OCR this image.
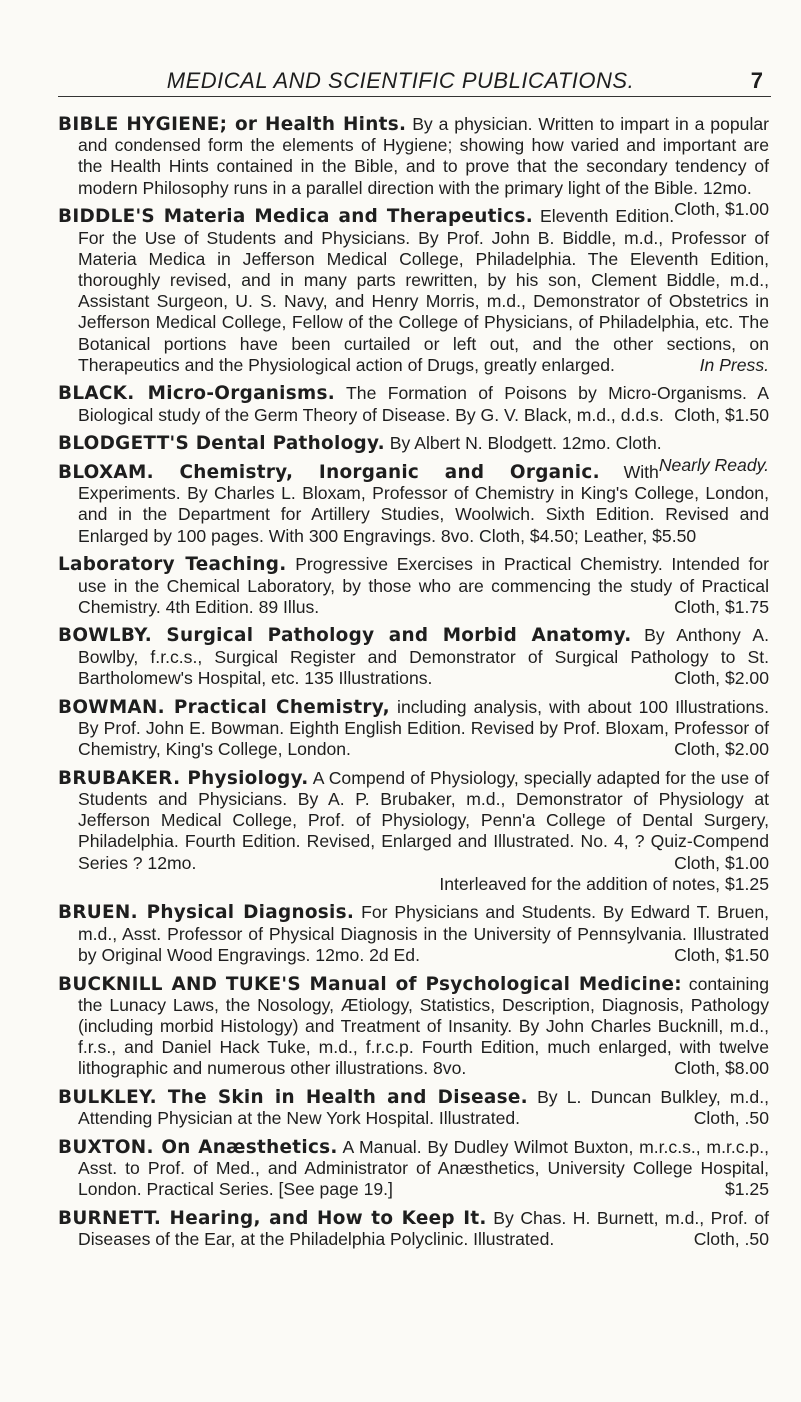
MEDICAL AND SCIENTIFIC PUBLICATIONS.	7

BIBLE HYGIENE; or Health Hints. By a physician. Written to impart in a popular and condensed form the elements of Hygiene; showing how varied and important are the Health Hints contained in the Bible, and to prove that the secondary tendency of modern Philosophy runs in a parallel direction with the primary light of the Bible. 12mo.
Cloth, $1.00

BIDDLE'S Materia Medica and Therapeutics. Eleventh Edition. For the Use of Students and Physicians. By Prof. John B. Biddle, m.d., Professor of Materia Medica in Jefferson Medical College, Philadelphia. The Eleventh Edition, thoroughly revised, and in many parts rewritten, by his son, Clement Biddle, m.d., Assistant Surgeon, U. S. Navy, and Henry Morris, m.d., Demonstrator of Obstetrics in Jefferson Medical College, Fellow of the College of Physicians, of Philadelphia, etc. The Botanical portions have been curtailed or left out, and the other sections, on Therapeutics and the Physiological action of Drugs, greatly enlarged.	In Press.

BLACK. Micro-Organisms. The Formation of Poisons by Micro-Organisms. A Biological study of the Germ Theory of Disease. By G. V. Black, m.d., d.d.s. Cloth, $1.50

BLODGETT'S Dental Pathology. By Albert N. Blodgett. 12mo. Cloth.
Nearly Ready.

BLOXAM. Chemistry, Inorganic and Organic. With Experiments. By Charles L. Bloxam, Professor of Chemistry in King's College, London, and in the Department for Artillery Studies, Woolwich. Sixth Edition. Revised and Enlarged by 100 pages. With 300 Engravings. 8vo. Cloth, $4.50; Leather, $5.50

Laboratory Teaching. Progressive Exercises in Practical Chemistry. Intended for use in the Chemical Laboratory, by those who are commencing the study of Practical Chemistry. 4th Edition. 89 Illus.	Cloth, $1.75

BOWLBY. Surgical Pathology and Morbid Anatomy. By Anthony A. Bowlby, f.r.c.s., Surgical Register and Demonstrator of Surgical Pathology to St. Bartholomew's Hospital, etc. 135 Illustrations.	Cloth, $2.00

BOWMAN. Practical Chemistry, including analysis, with about 100 Illustrations. By Prof. John E. Bowman. Eighth English Edition. Revised by Prof. Bloxam, Professor of Chemistry, King's College, London.	Cloth, $2.00

BRUBAKER. Physiology. A Compend of Physiology, specially adapted for the use of Students and Physicians. By A. P. Brubaker, m.d., Demonstrator of Physiology at Jefferson Medical College, Prof. of Physiology, Penn'a College of Dental Surgery, Philadelphia. Fourth Edition. Revised, Enlarged and Illustrated. No. 4, ? Quiz-Compend Series ? 12mo.	Cloth, $1.00
Interleaved for the addition of notes, $1.25

BRUEN. Physical Diagnosis. For Physicians and Students. By Edward T. Bruen, m.d., Asst. Professor of Physical Diagnosis in the University of Pennsylvania. Illustrated by Original Wood Engravings. 12mo. 2d Ed.	Cloth, $1.50

BUCKNILL AND TUKE'S Manual of Psychological Medicine: containing the Lunacy Laws, the Nosology, Ætiology, Statistics, Description, Diagnosis, Pathology (including morbid Histology) and Treatment of Insanity. By John Charles Bucknill, m.d., f.r.s., and Daniel Hack Tuke, m.d., f.r.c.p. Fourth Edition, much enlarged, with twelve lithographic and numerous other illustrations. 8vo.	Cloth, $8.00

BULKLEY. The Skin in Health and Disease. By L. Duncan Bulkley, m.d., Attending Physician at the New York Hospital. Illustrated.	Cloth, .50

BUXTON. On Anæsthetics. A Manual. By Dudley Wilmot Buxton, m.r.c.s., m.r.c.p., Asst. to Prof. of Med., and Administrator of Anæsthetics, University College Hospital, London. Practical Series. [See page 19.]	$1.25

BURNETT. Hearing, and How to Keep It. By Chas. H. Burnett, m.d., Prof. of Diseases of the Ear, at the Philadelphia Polyclinic. Illustrated.	Cloth, .50
